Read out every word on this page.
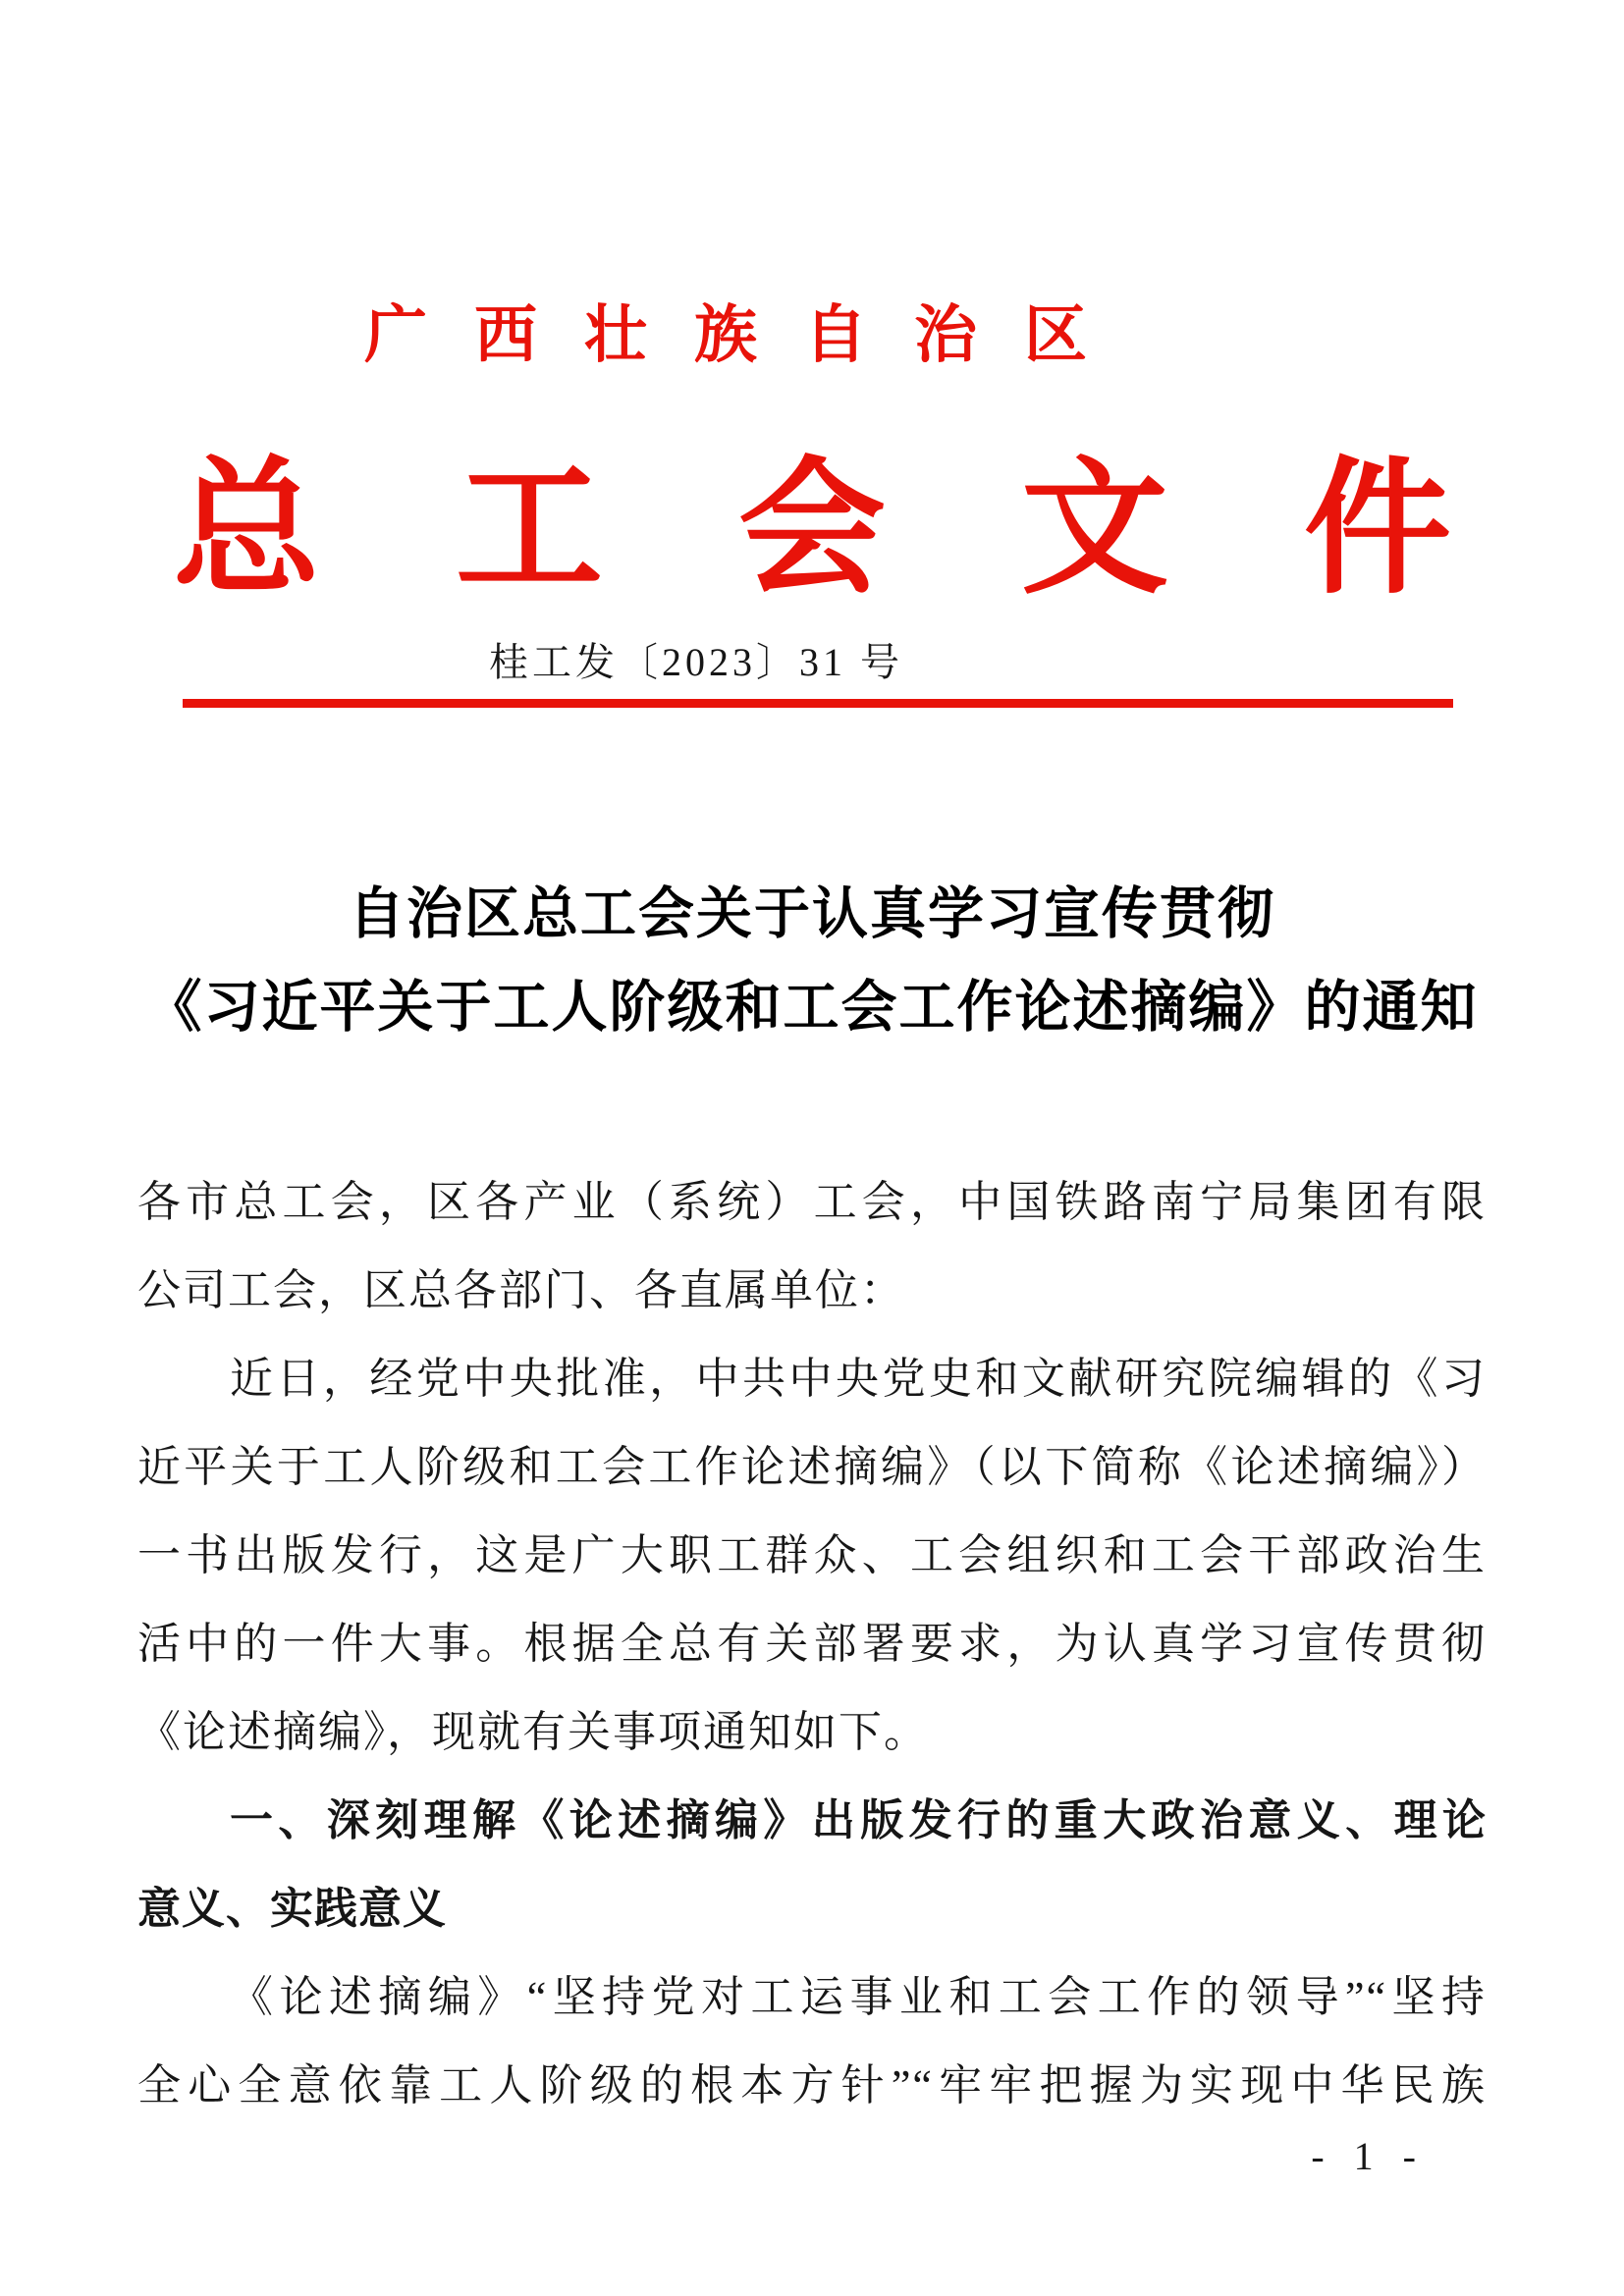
广西壮族自治区
总工会文件
桂工发〔2023〕31 号
自治区总工会关于认真学习宣传贯彻
《习近平关于工人阶级和工会工作论述摘编》的通知
各市总工会，区各产业（系统）工会，中国铁路南宁局集团有限
公司工会，区总各部门、各直属单位：
近日，经党中央批准，中共中央党史和文献研究院编辑的《习
近平关于工人阶级和工会工作论述摘编》（以下简称《论述摘编》）
一书出版发行，这是广大职工群众、工会组织和工会干部政治生
活中的一件大事。根据全总有关部署要求，为认真学习宣传贯彻
《论述摘编》，现就有关事项通知如下。
一、深刻理解《论述摘编》出版发行的重大政治意义、理论
意义、实践意义
《论述摘编》“坚持党对工运事业和工会工作的领导”“坚持
全心全意依靠工人阶级的根本方针”“牢牢把握为实现中华民族
- 1 -
